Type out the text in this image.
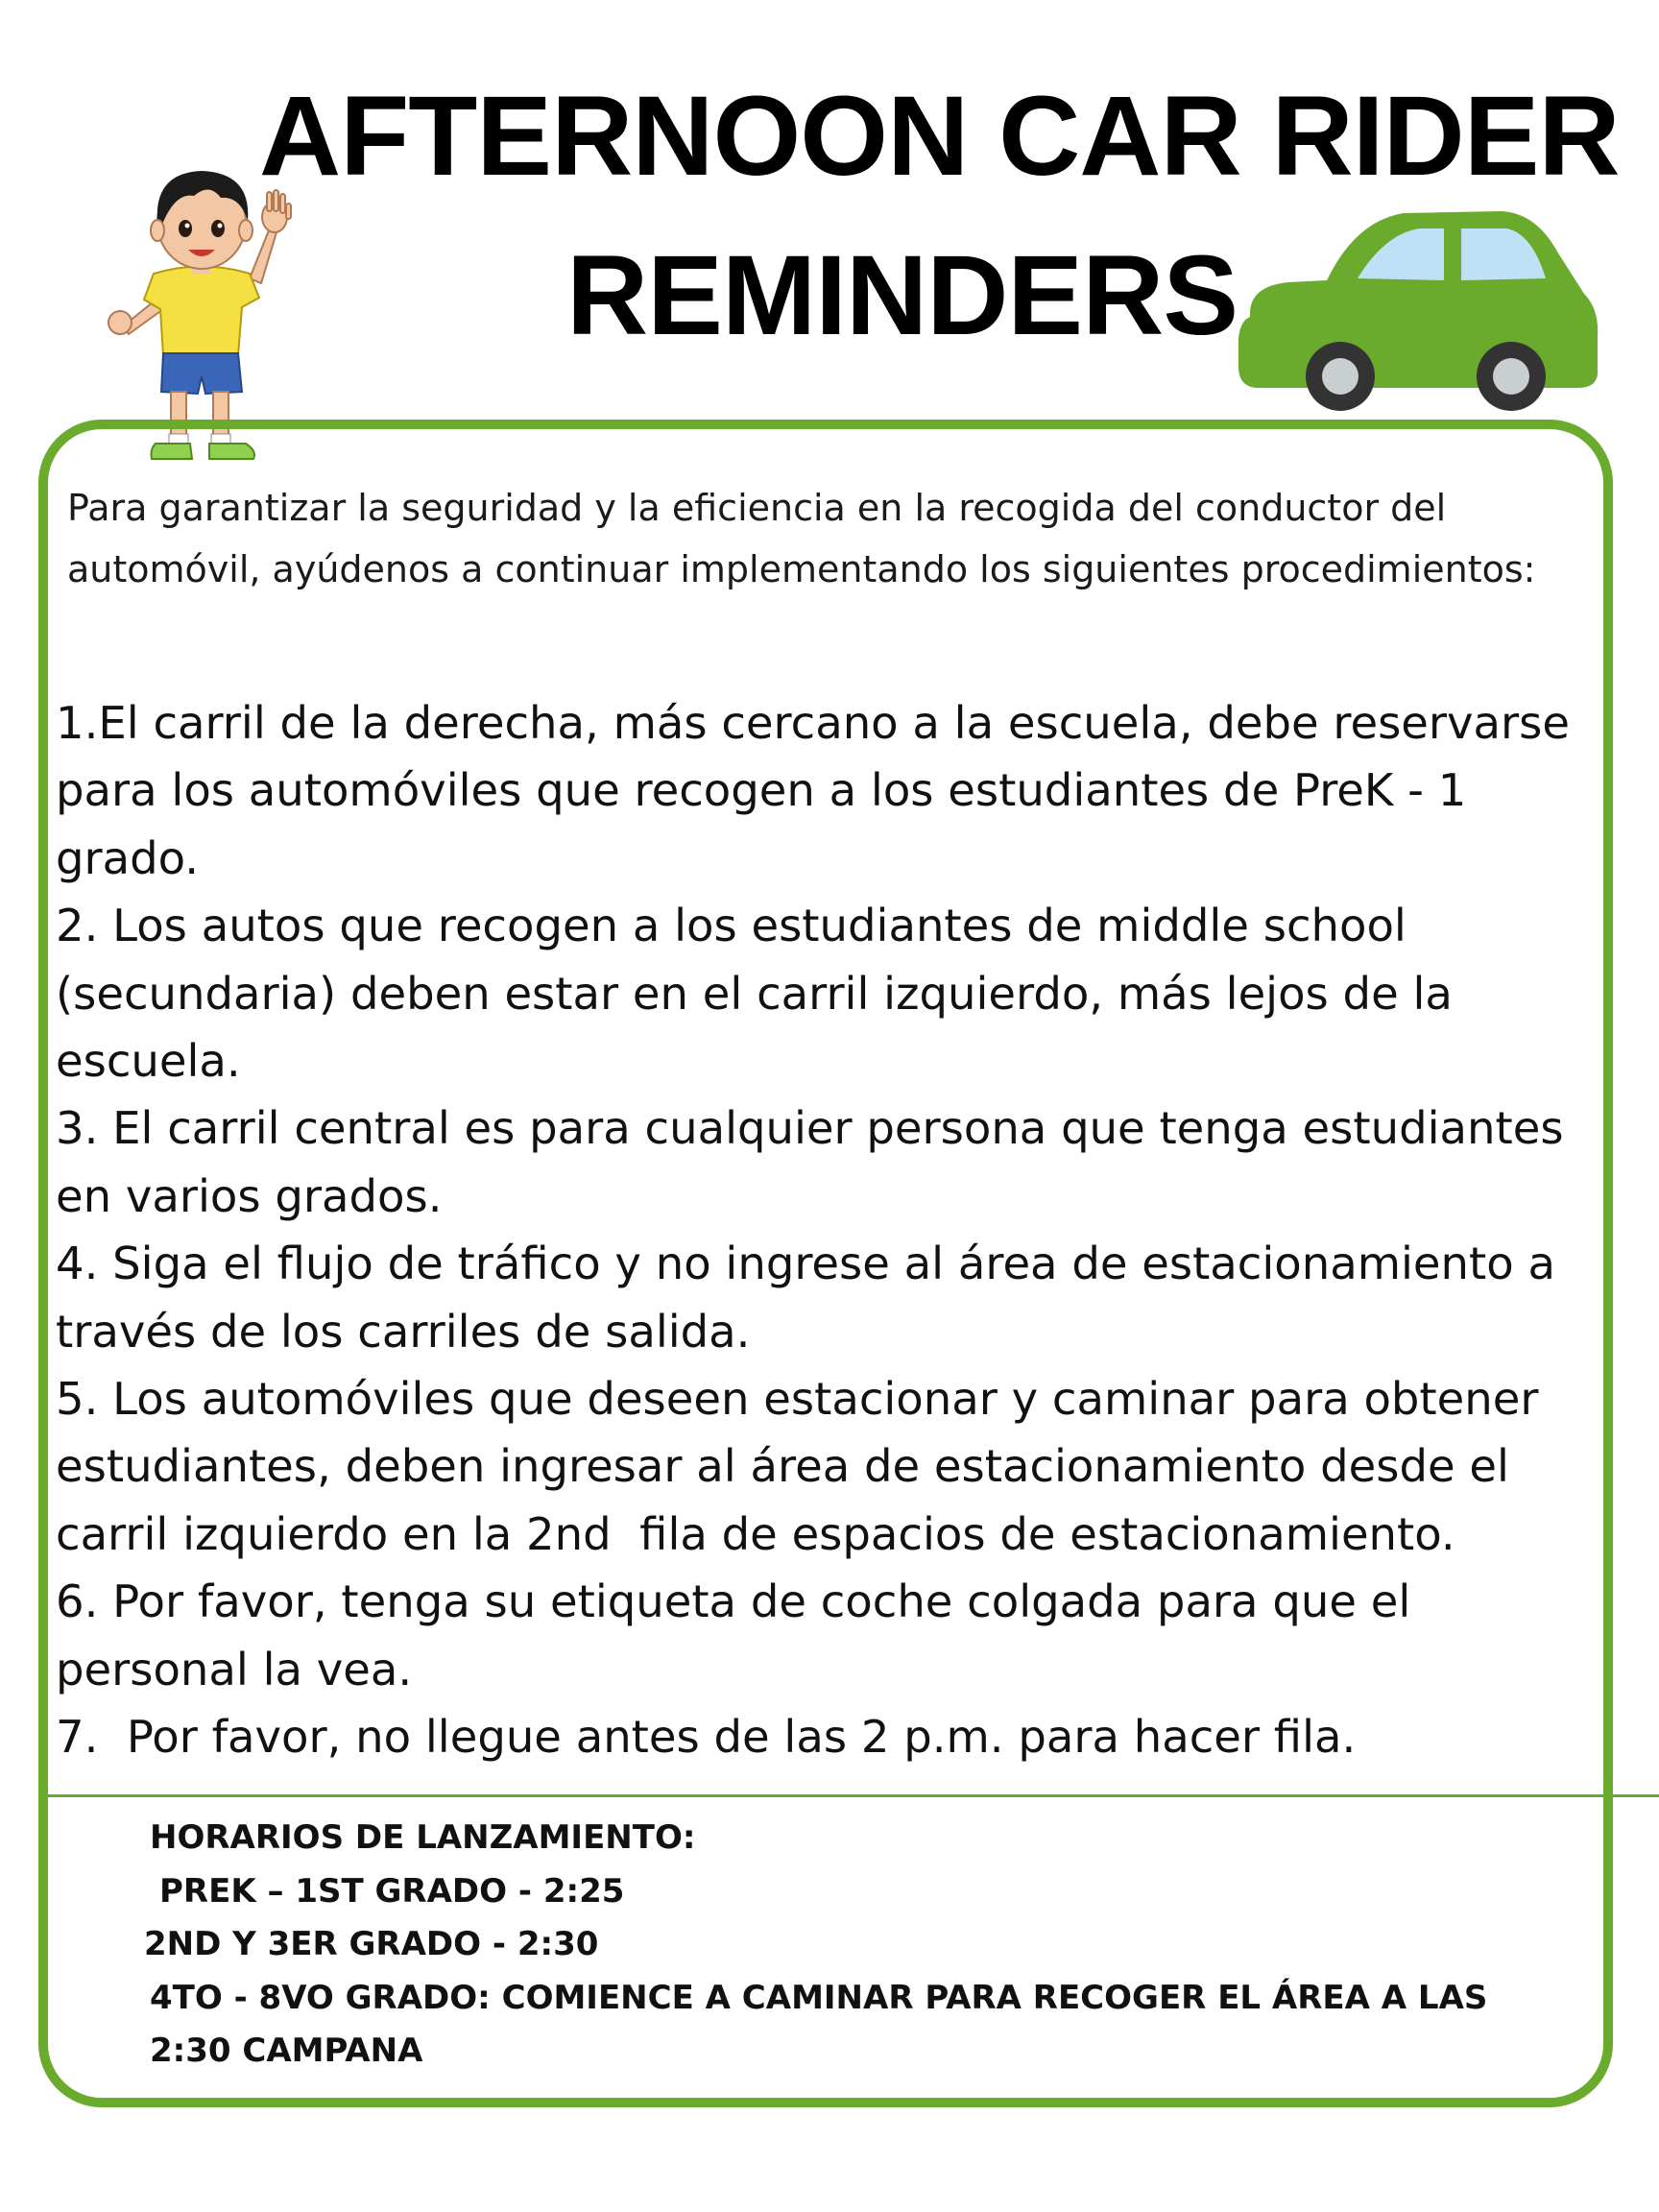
AFTERNOON CAR RIDER
REMINDERS
Para garantizar la seguridad y la eficiencia en la recogida del conductor del automóvil, ayúdenos a continuar implementando los siguientes procedimientos:

1.El carril de la derecha, más cercano a la escuela, debe reservarse para los automóviles que recogen a los estudiantes de PreK - 1 grado.

2. Los autos que recogen a los estudiantes de middle school (secundaria) deben estar en el carril izquierdo, más lejos de la escuela.

3. El carril central es para cualquier persona que tenga estudiantes en varios grados.

4. Siga el flujo de tráfico y no ingrese al área de estacionamiento a través de los carriles de salida.

5. Los automóviles que deseen estacionar y caminar para obtener estudiantes, deben ingresar al área de estacionamiento desde el carril izquierdo en la 2nd  fila de espacios de estacionamiento.

6. Por favor, tenga su etiqueta de coche colgada para que el personal la vea.

7.  Por favor, no llegue antes de las 2 p.m. para hacer fila.

HORARIOS DE LANZAMIENTO:
PREK – 1ST GRADO - 2:25
2ND Y 3ER GRADO - 2:30
4TO - 8VO GRADO: COMIENCE A CAMINAR PARA RECOGER EL ÁREA A LAS 2:30 CAMPANA
